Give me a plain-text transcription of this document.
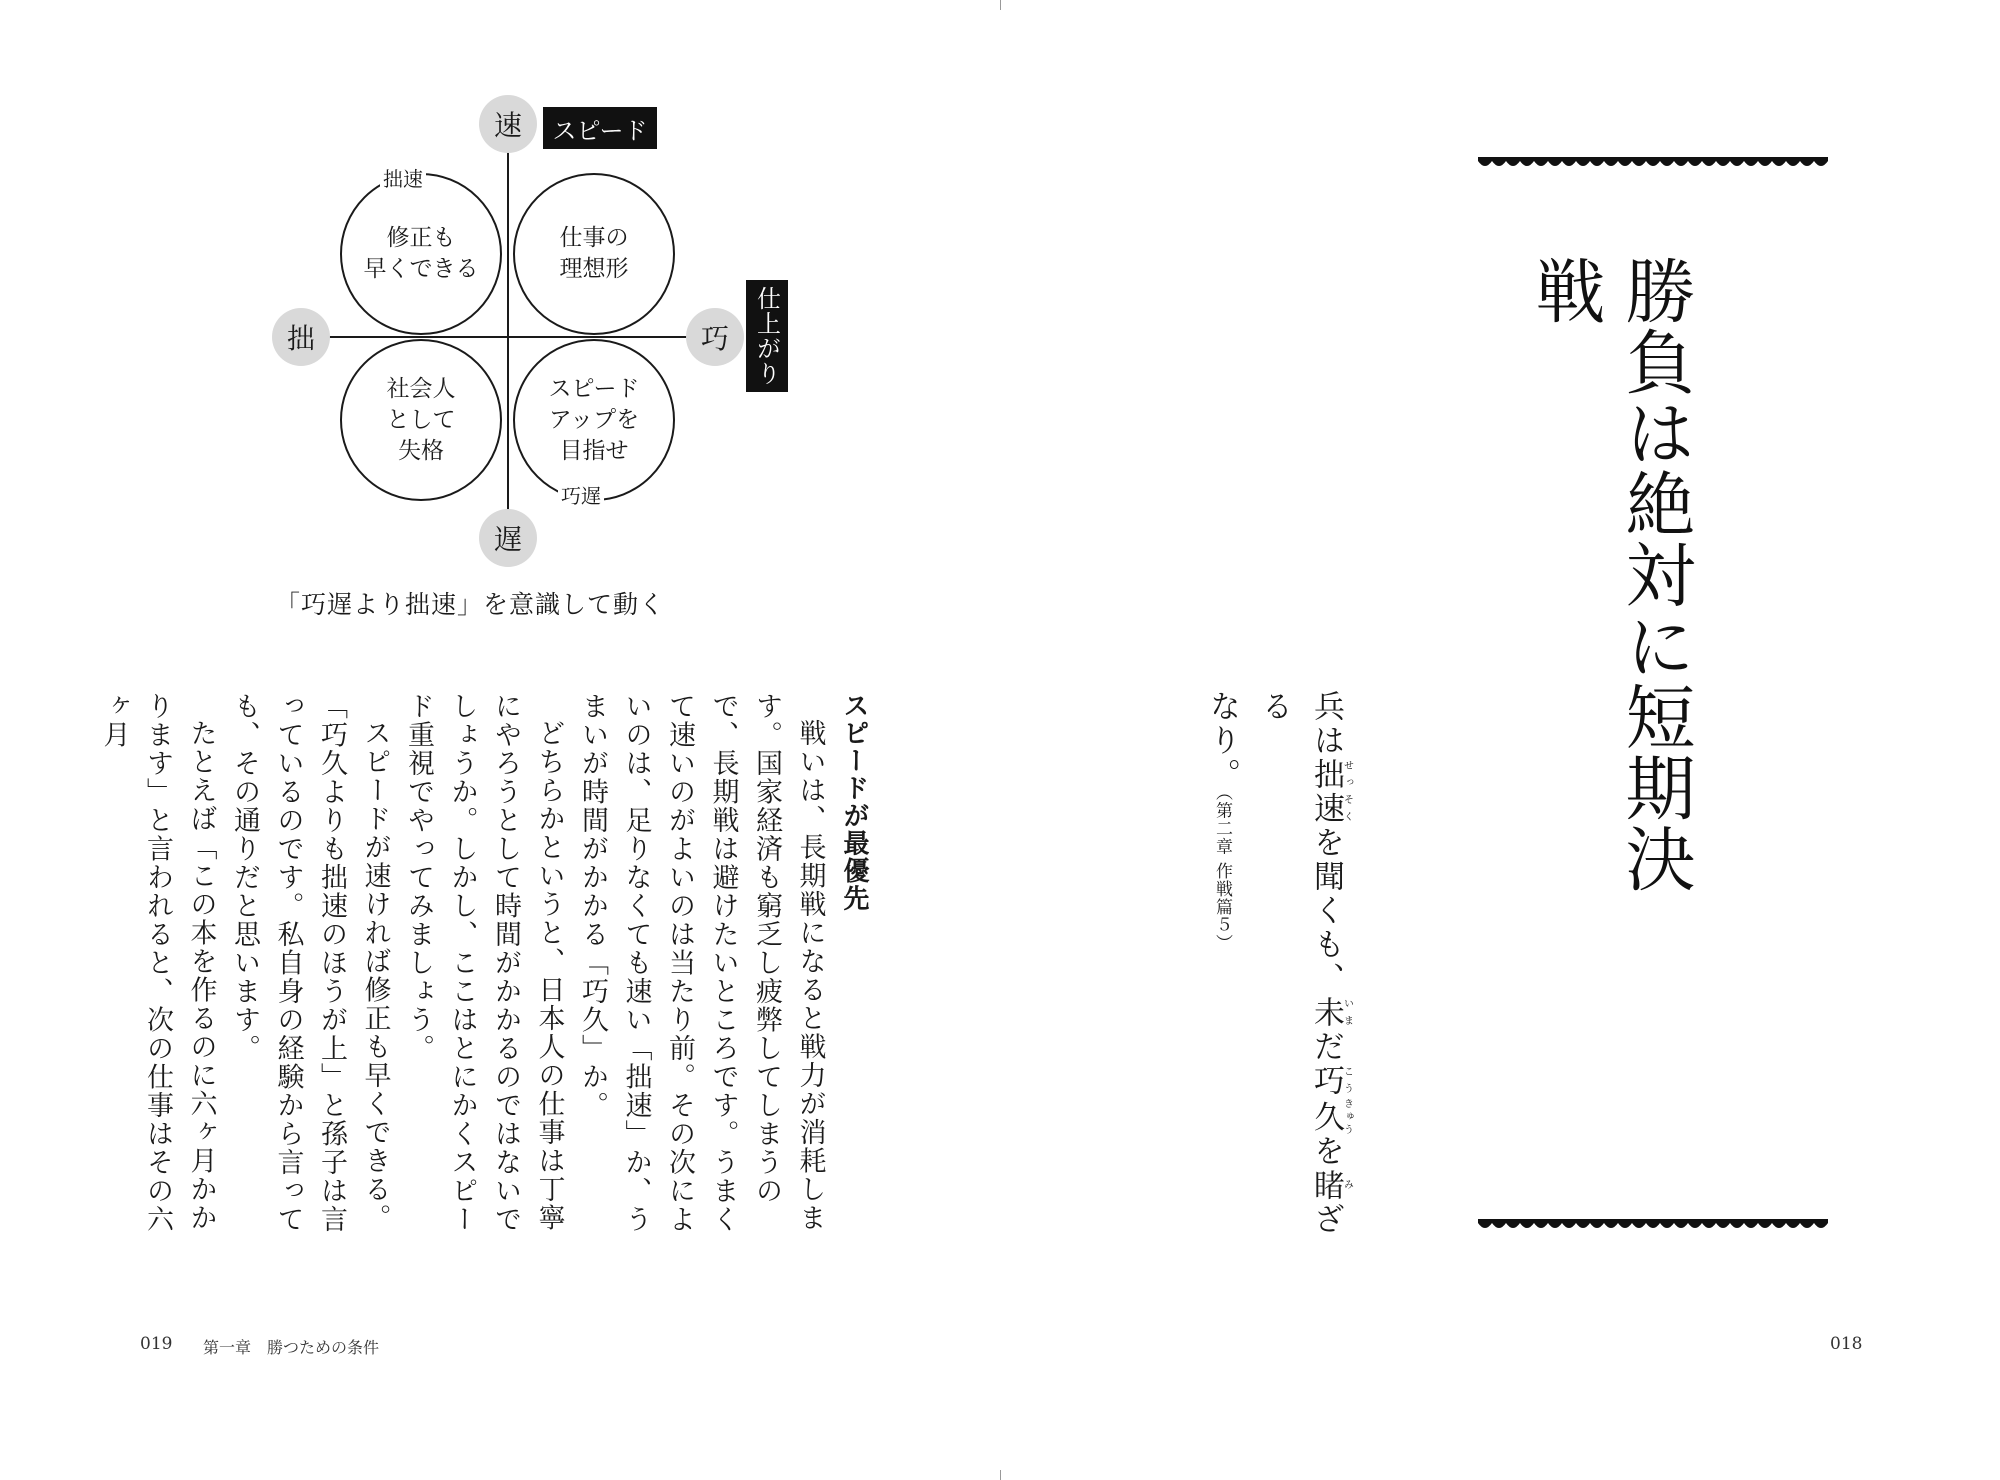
修正も
早くできる
仕事の
理想形
社会人
として
失格
スピード
アップを
目指せ
拙速
巧遅
速
遅
拙	巧
スピード
仕上がり
「巧遅より拙速」を意識して動く
スピードが最優先

戦いは、長期戦になると戦力が消耗します。国家経済も窮乏し疲弊してしまうので、長期戦は避けたいところです。うまくて速いのがよいのは当たり前。その次によいのは、足りなくても速い「拙速」か、うまいが時間がかかる「巧久」か。

どちらかというと、日本人の仕事は丁寧にやろうとして時間がかかるのではないでしょうか。しかし、ここはとにかくスピード重視でやってみましょう。

スピードが速ければ修正も早くできる。「巧久よりも拙速のほうが上」と孫子は言っているのです。私自身の経験から言っても、その通りだと思います。

たとえば「この本を作るのに六ヶ月かかります」と言われると、次の仕事はその六ヶ月	勝負は絶対に短期決戦
兵は拙せっ速そくを聞くも、未いまだ巧こう久きゅうを睹みざる
なり。（第二章 作戦篇５）
019 第一章　勝つための条件	018
